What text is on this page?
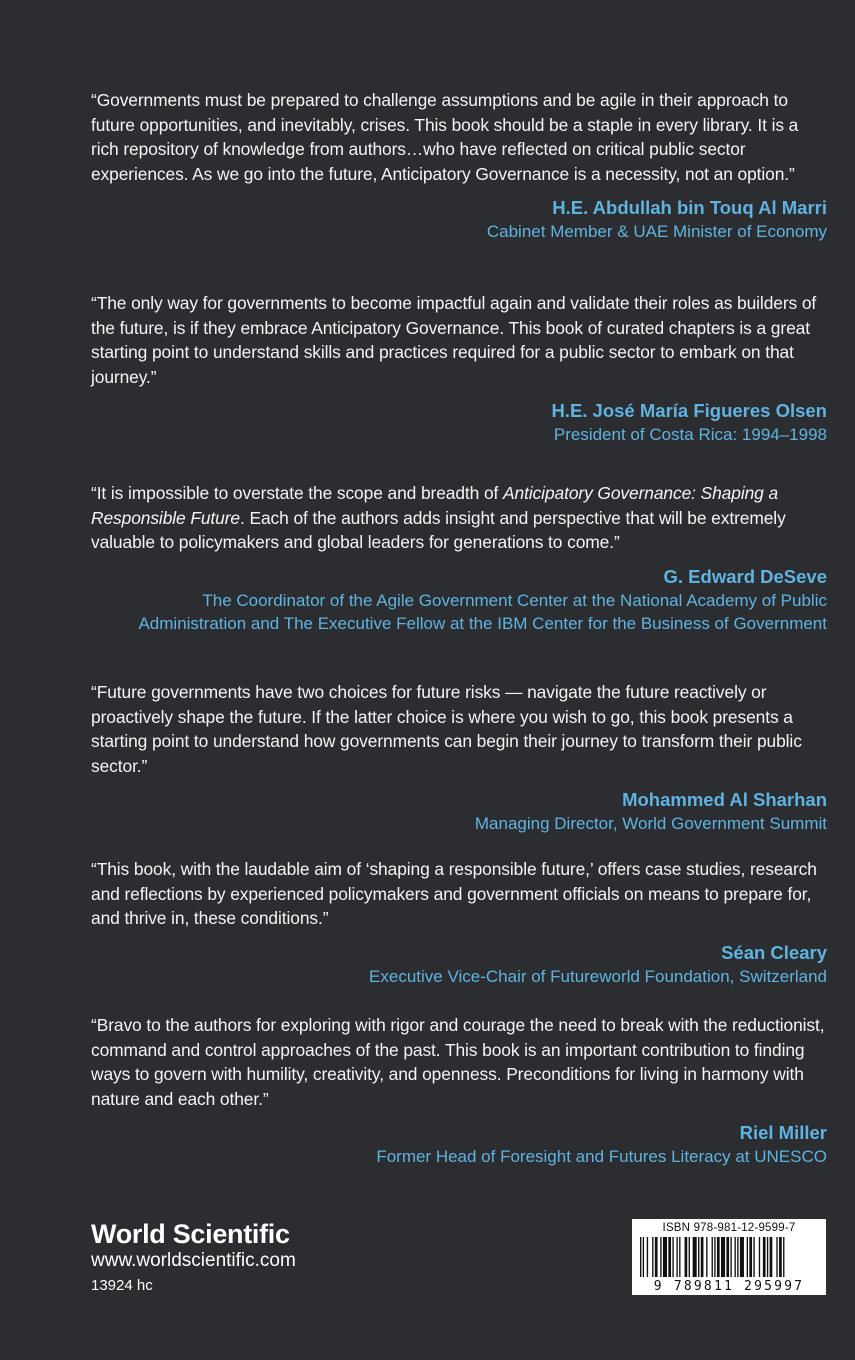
“Governments must be prepared to challenge assumptions and be agile in their approach to future opportunities, and inevitably, crises. This book should be a staple in every library. It is a rich repository of knowledge from authors…who have reflected on critical public sector experiences. As we go into the future, Anticipatory Governance is a necessity, not an option.”

H.E. Abdullah bin Touq Al Marri
Cabinet Member & UAE Minister of Economy

“The only way for governments to become impactful again and validate their roles as builders of the future, is if they embrace Anticipatory Governance. This book of curated chapters is a great starting point to understand skills and practices required for a public sector to embark on that journey.”

H.E. José María Figueres Olsen
President of Costa Rica: 1994–1998

“It is impossible to overstate the scope and breadth of Anticipatory Governance: Shaping a Responsible Future. Each of the authors adds insight and perspective that will be extremely valuable to policymakers and global leaders for generations to come.”

G. Edward DeSeve
The Coordinator of the Agile Government Center at the National Academy of Public Administration and The Executive Fellow at the IBM Center for the Business of Government

“Future governments have two choices for future risks — navigate the future reactively or proactively shape the future. If the latter choice is where you wish to go, this book presents a starting point to understand how governments can begin their journey to transform their public sector.”

Mohammed Al Sharhan
Managing Director, World Government Summit

“This book, with the laudable aim of ‘shaping a responsible future,’ offers case studies, research and reflections by experienced policymakers and government officials on means to prepare for, and thrive in, these conditions.”

Séan Cleary
Executive Vice-Chair of Futureworld Foundation, Switzerland

“Bravo to the authors for exploring with rigor and courage the need to break with the reductionist, command and control approaches of the past. This book is an important contribution to finding ways to govern with humility, creativity, and openness. Preconditions for living in harmony with nature and each other.”

Riel Miller
Former Head of Foresight and Futures Literacy at UNESCO
World Scientific
www.worldscientific.com
13924 hc
ISBN 978-981-12-9599-7
9 789811 295997
